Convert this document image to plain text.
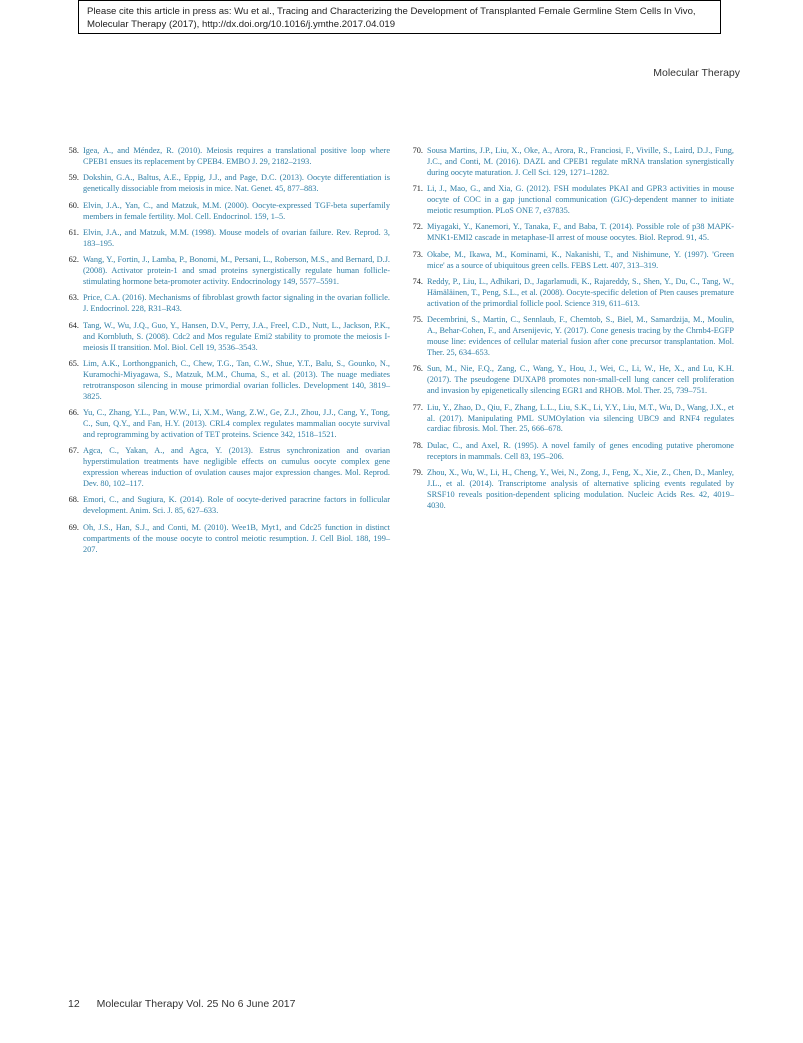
Please cite this article in press as: Wu et al., Tracing and Characterizing the Development of Transplanted Female Germline Stem Cells In Vivo, Molecular Therapy (2017), http://dx.doi.org/10.1016/j.ymthe.2017.04.019
Molecular Therapy
58. Igea, A., and Méndez, R. (2010). Meiosis requires a translational positive loop where CPEB1 ensues its replacement by CPEB4. EMBO J. 29, 2182–2193.
59. Dokshin, G.A., Baltus, A.E., Eppig, J.J., and Page, D.C. (2013). Oocyte differentiation is genetically dissociable from meiosis in mice. Nat. Genet. 45, 877–883.
60. Elvin, J.A., Yan, C., and Matzuk, M.M. (2000). Oocyte-expressed TGF-beta superfamily members in female fertility. Mol. Cell. Endocrinol. 159, 1–5.
61. Elvin, J.A., and Matzuk, M.M. (1998). Mouse models of ovarian failure. Rev. Reprod. 3, 183–195.
62. Wang, Y., Fortin, J., Lamba, P., Bonomi, M., Persani, L., Roberson, M.S., and Bernard, D.J. (2008). Activator protein-1 and smad proteins synergistically regulate human follicle-stimulating hormone beta-promoter activity. Endocrinology 149, 5577–5591.
63. Price, C.A. (2016). Mechanisms of fibroblast growth factor signaling in the ovarian follicle. J. Endocrinol. 228, R31–R43.
64. Tang, W., Wu, J.Q., Guo, Y., Hansen, D.V., Perry, J.A., Freel, C.D., Nutt, L., Jackson, P.K., and Kornbluth, S. (2008). Cdc2 and Mos regulate Emi2 stability to promote the meiosis I-meiosis II transition. Mol. Biol. Cell 19, 3536–3543.
65. Lim, A.K., Lorthongpanich, C., Chew, T.G., Tan, C.W., Shue, Y.T., Balu, S., Gounko, N., Kuramochi-Miyagawa, S., Matzuk, M.M., Chuma, S., et al. (2013). The nuage mediates retrotransposon silencing in mouse primordial ovarian follicles. Development 140, 3819–3825.
66. Yu, C., Zhang, Y.L., Pan, W.W., Li, X.M., Wang, Z.W., Ge, Z.J., Zhou, J.J., Cang, Y., Tong, C., Sun, Q.Y., and Fan, H.Y. (2013). CRL4 complex regulates mammalian oocyte survival and reprogramming by activation of TET proteins. Science 342, 1518–1521.
67. Agca, C., Yakan, A., and Agca, Y. (2013). Estrus synchronization and ovarian hyperstimulation treatments have negligible effects on cumulus oocyte complex gene expression whereas induction of ovulation causes major expression changes. Mol. Reprod. Dev. 80, 102–117.
68. Emori, C., and Sugiura, K. (2014). Role of oocyte-derived paracrine factors in follicular development. Anim. Sci. J. 85, 627–633.
69. Oh, J.S., Han, S.J., and Conti, M. (2010). Wee1B, Myt1, and Cdc25 function in distinct compartments of the mouse oocyte to control meiotic resumption. J. Cell Biol. 188, 199–207.
70. Sousa Martins, J.P., Liu, X., Oke, A., Arora, R., Franciosi, F., Viville, S., Laird, D.J., Fung, J.C., and Conti, M. (2016). DAZL and CPEB1 regulate mRNA translation synergistically during oocyte maturation. J. Cell Sci. 129, 1271–1282.
71. Li, J., Mao, G., and Xia, G. (2012). FSH modulates PKAI and GPR3 activities in mouse oocyte of COC in a gap junctional communication (GJC)-dependent manner to initiate meiotic resumption. PLoS ONE 7, e37835.
72. Miyagaki, Y., Kanemori, Y., Tanaka, F., and Baba, T. (2014). Possible role of p38 MAPK-MNK1-EMI2 cascade in metaphase-II arrest of mouse oocytes. Biol. Reprod. 91, 45.
73. Okabe, M., Ikawa, M., Kominami, K., Nakanishi, T., and Nishimune, Y. (1997). 'Green mice' as a source of ubiquitous green cells. FEBS Lett. 407, 313–319.
74. Reddy, P., Liu, L., Adhikari, D., Jagarlamudi, K., Rajareddy, S., Shen, Y., Du, C., Tang, W., Hämäläinen, T., Peng, S.L., et al. (2008). Oocyte-specific deletion of Pten causes premature activation of the primordial follicle pool. Science 319, 611–613.
75. Decembrini, S., Martin, C., Sennlaub, F., Chemtob, S., Biel, M., Samardzija, M., Moulin, A., Behar-Cohen, F., and Arsenijevic, Y. (2017). Cone genesis tracing by the Chrnb4-EGFP mouse line: evidences of cellular material fusion after cone precursor transplantation. Mol. Ther. 25, 634–653.
76. Sun, M., Nie, F.Q., Zang, C., Wang, Y., Hou, J., Wei, C., Li, W., He, X., and Lu, K.H. (2017). The pseudogene DUXAP8 promotes non-small-cell lung cancer cell proliferation and invasion by epigenetically silencing EGR1 and RHOB. Mol. Ther. 25, 739–751.
77. Liu, Y., Zhao, D., Qiu, F., Zhang, L.L., Liu, S.K., Li, Y.Y., Liu, M.T., Wu, D., Wang, J.X., et al. (2017). Manipulating PML SUMOylation via silencing UBC9 and RNF4 regulates cardiac fibrosis. Mol. Ther. 25, 666–678.
78. Dulac, C., and Axel, R. (1995). A novel family of genes encoding putative pheromone receptors in mammals. Cell 83, 195–206.
79. Zhou, X., Wu, W., Li, H., Cheng, Y., Wei, N., Zong, J., Feng, X., Xie, Z., Chen, D., Manley, J.L., et al. (2014). Transcriptome analysis of alternative splicing events regulated by SRSF10 reveals position-dependent splicing modulation. Nucleic Acids Res. 42, 4019–4030.
12 Molecular Therapy Vol. 25 No 6 June 2017
